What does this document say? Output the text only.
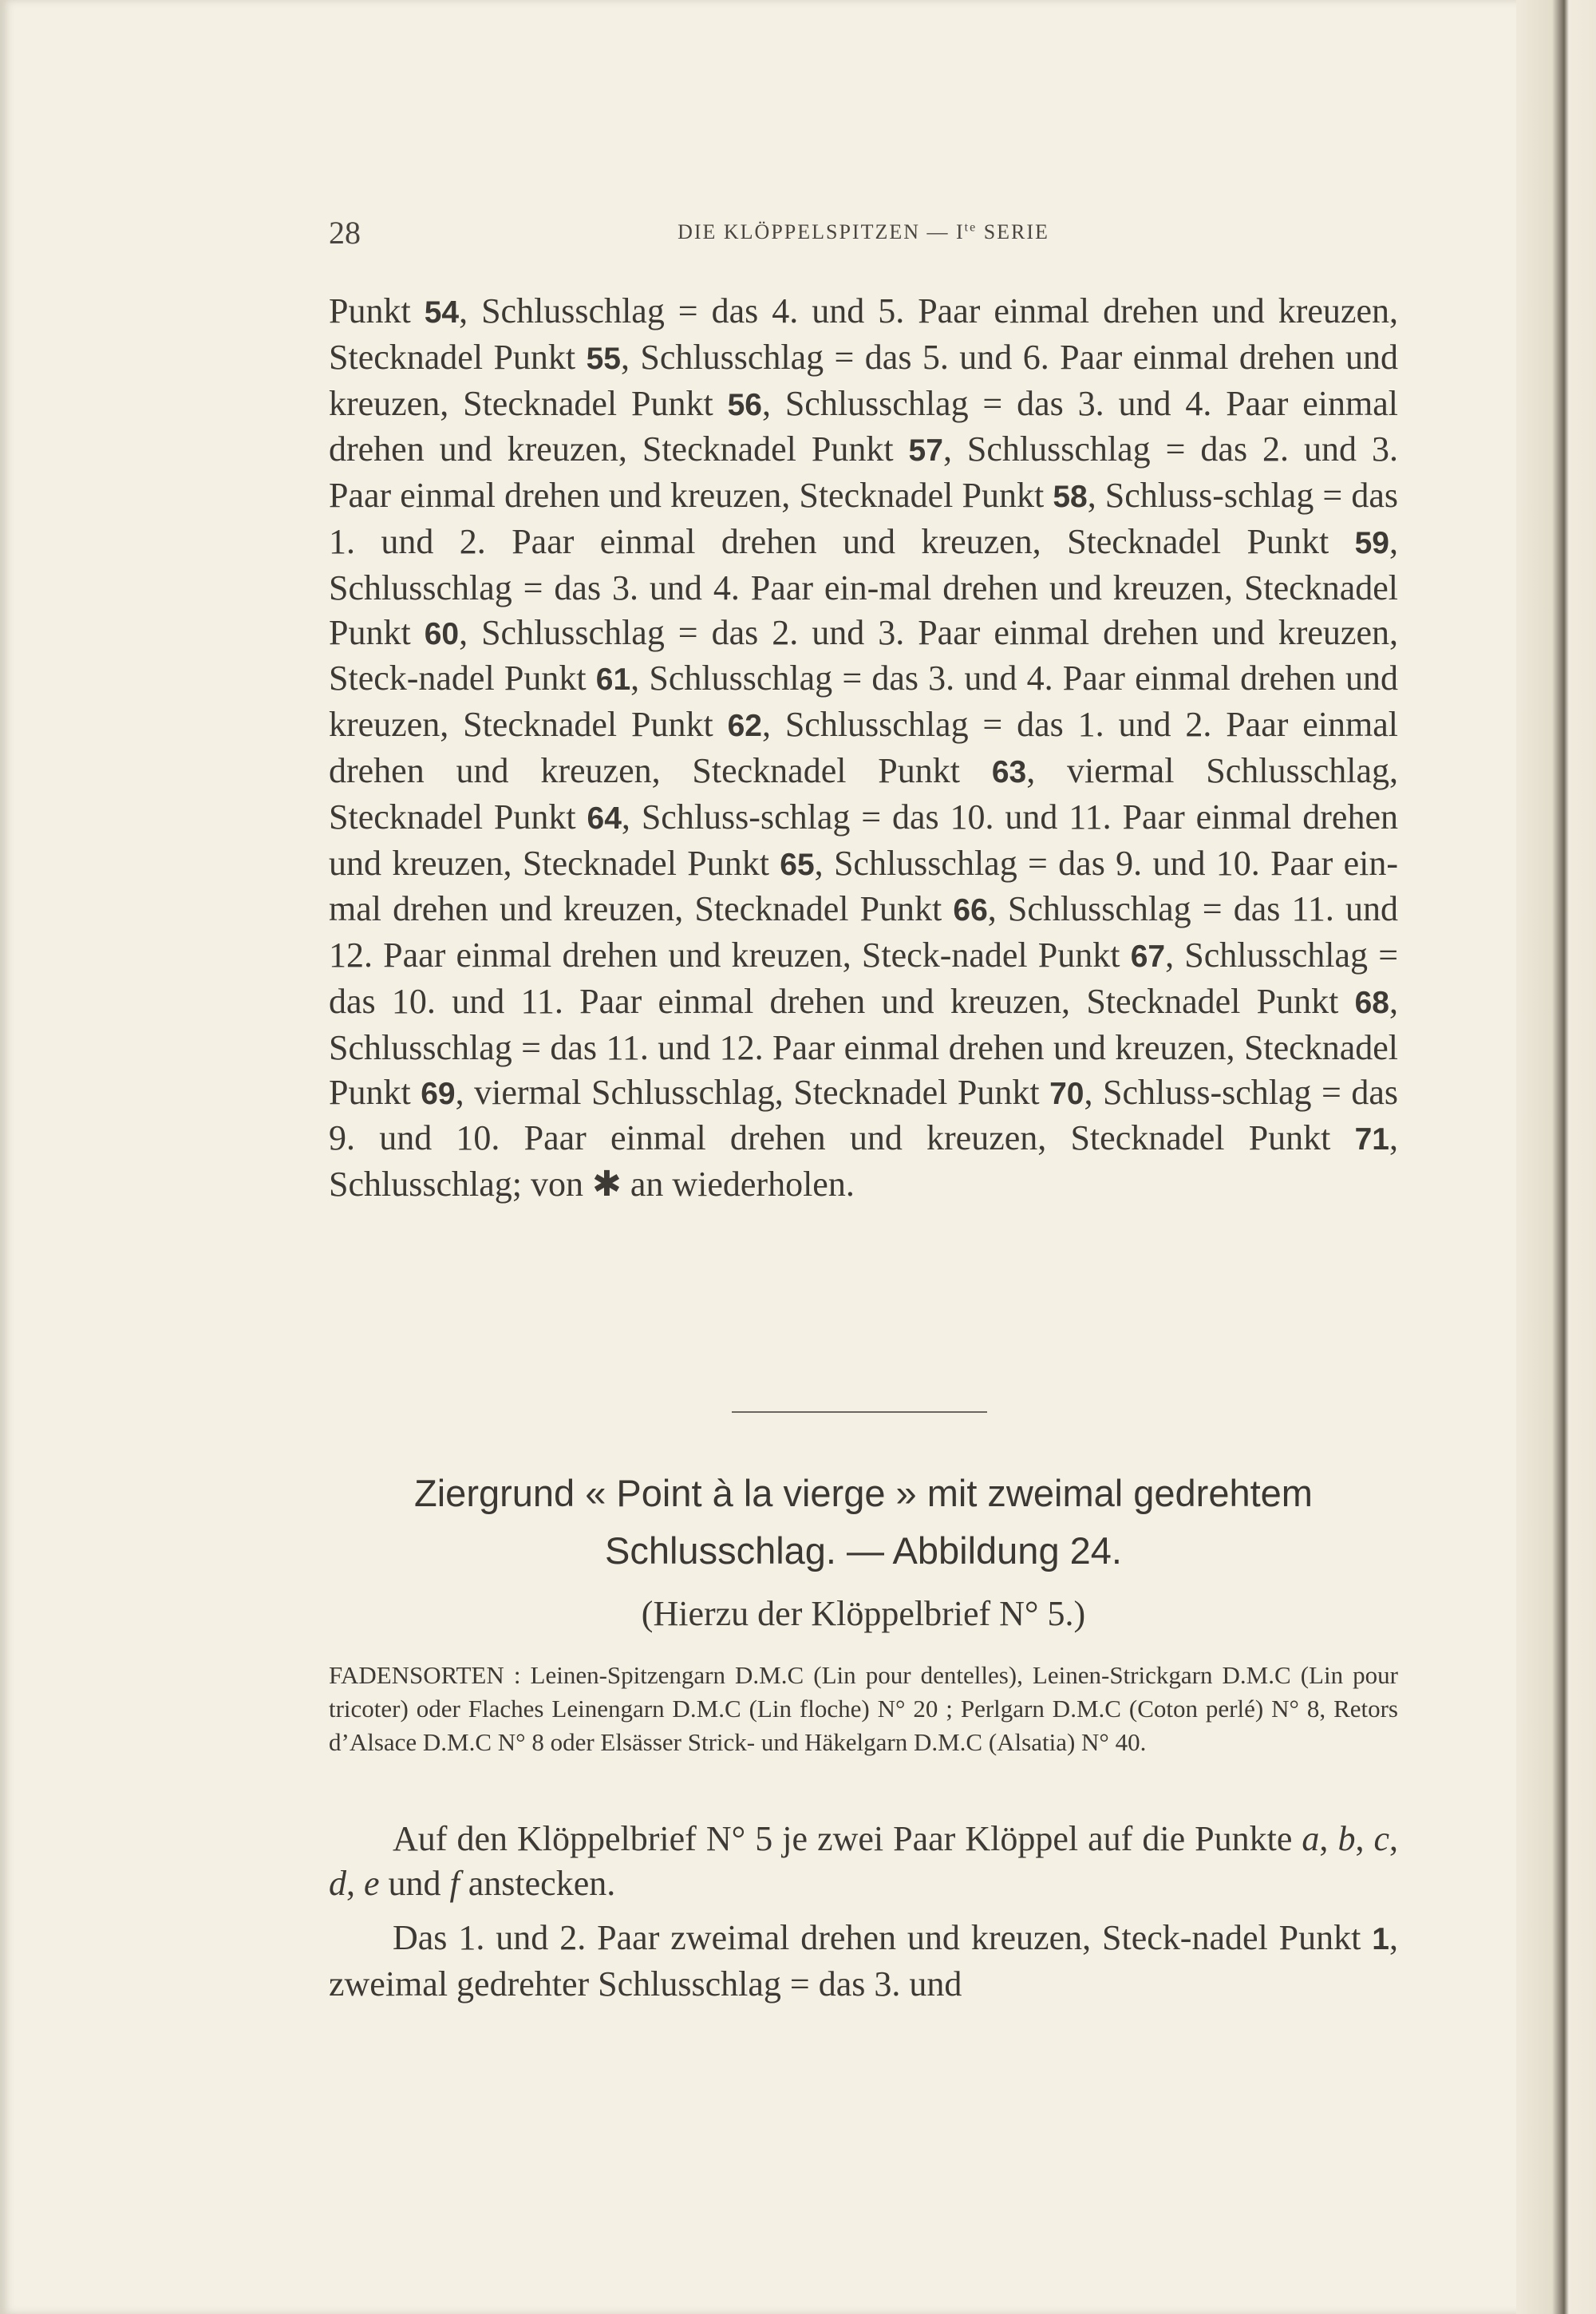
28	DIE KLÖPPELSPITZEN — $I^{te}$ SERIE
Punkt 54, Schlusschlag = das 4. und 5. Paar einmal drehen und kreuzen, Stecknadel Punkt 55, Schlusschlag = das 5. und 6. Paar einmal drehen und kreuzen, Stecknadel Punkt 56, Schlusschlag = das 3. und 4. Paar einmal drehen und kreuzen, Stecknadel Punkt 57, Schlusschlag = das 2. und 3. Paar einmal drehen und kreuzen, Stecknadel Punkt 58, Schluss-schlag = das 1. und 2. Paar einmal drehen und kreuzen, Stecknadel Punkt 59, Schlusschlag = das 3. und 4. Paar ein-mal drehen und kreuzen, Stecknadel Punkt 60, Schlusschlag = das 2. und 3. Paar einmal drehen und kreuzen, Steck-nadel Punkt 61, Schlusschlag = das 3. und 4. Paar einmal drehen und kreuzen, Stecknadel Punkt 62, Schlusschlag = das 1. und 2. Paar einmal drehen und kreuzen, Stecknadel Punkt 63, viermal Schlusschlag, Stecknadel Punkt 64, Schluss-schlag = das 10. und 11. Paar einmal drehen und kreuzen, Stecknadel Punkt 65, Schlusschlag = das 9. und 10. Paar ein-mal drehen und kreuzen, Stecknadel Punkt 66, Schlusschlag = das 11. und 12. Paar einmal drehen und kreuzen, Steck-nadel Punkt 67, Schlusschlag = das 10. und 11. Paar einmal drehen und kreuzen, Stecknadel Punkt 68, Schlusschlag = das 11. und 12. Paar einmal drehen und kreuzen, Stecknadel Punkt 69, viermal Schlusschlag, Stecknadel Punkt 70, Schluss-schlag = das 9. und 10. Paar einmal drehen und kreuzen, Stecknadel Punkt 71, Schlusschlag; von ✱ an wiederholen.
Ziergrund « Point à la vierge » mit zweimal gedrehtem
Schlusschlag. — Abbildung 24.
(Hierzu der Klöppelbrief N° 5.)
FADENSORTEN : Leinen-Spitzengarn D.M.C (Lin pour dentelles), Leinen-Strickgarn D.M.C (Lin pour tricoter) oder Flaches Leinengarn D.M.C (Lin floche) N° 20 ; Perlgarn D.M.C (Coton perlé) N° 8, Retors d’Alsace D.M.C N° 8 oder Elsässer Strick- und Häkelgarn D.M.C (Alsatia) N° 40.
Auf den Klöppelbrief N° 5 je zwei Paar Klöppel auf die Punkte a, b, c, d, e und f anstecken.
Das 1. und 2. Paar zweimal drehen und kreuzen, Steck-nadel Punkt 1, zweimal gedrehter Schlusschlag = das 3. und
